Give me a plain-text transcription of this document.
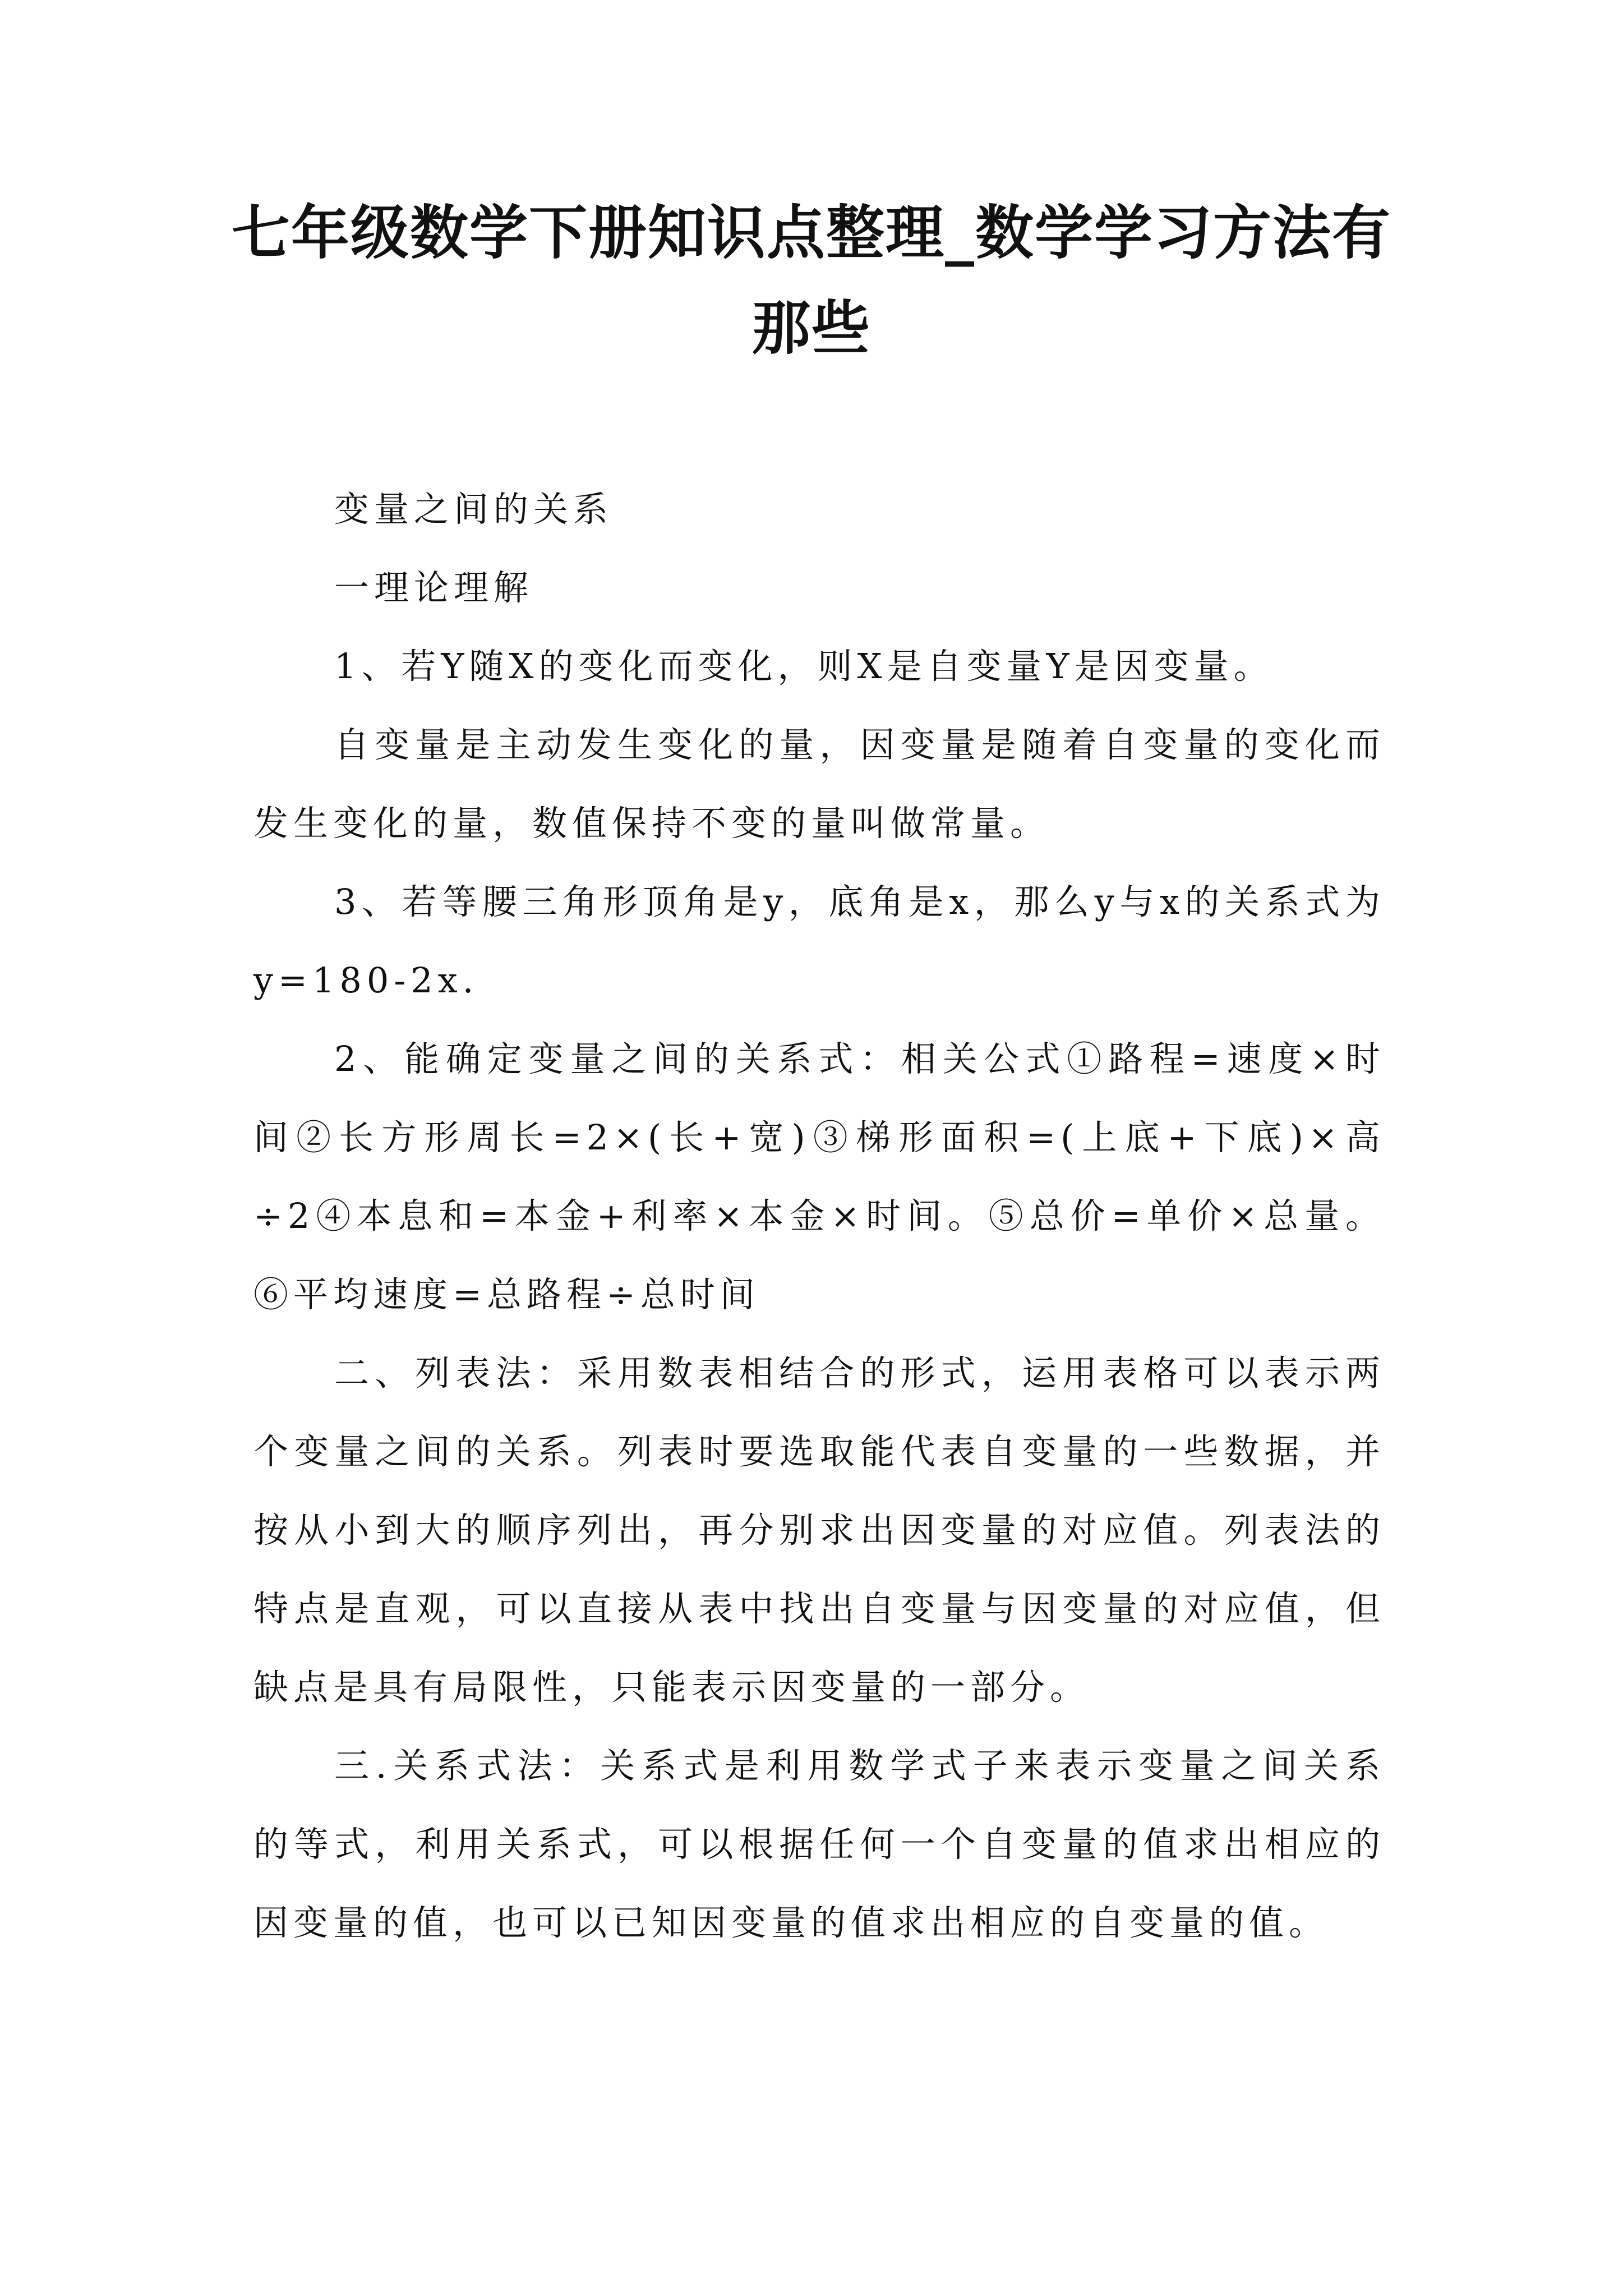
七年级数学下册知识点整理_数学学习方法有那些

变量之间的关系

一理论理解

1、若Y随X的变化而变化，则X是自变量Y是因变量。

自变量是主动发生变化的量，因变量是随着自变量的变化而发生变化的量，数值保持不变的量叫做常量。

3、若等腰三角形顶角是y，底角是x，那么y与x的关系式为y=180-2x.

2、能确定变量之间的关系式：相关公式①路程=速度×时间②长方形周长=2×(长+宽)③梯形面积=(上底+下底)×高÷2④本息和=本金+利率×本金×时间。⑤总价=单价×总量。⑥平均速度=总路程÷总时间

二、列表法：采用数表相结合的形式，运用表格可以表示两个变量之间的关系。列表时要选取能代表自变量的一些数据，并按从小到大的顺序列出，再分别求出因变量的对应值。列表法的特点是直观，可以直接从表中找出自变量与因变量的对应值，但缺点是具有局限性，只能表示因变量的一部分。

三.关系式法：关系式是利用数学式子来表示变量之间关系的等式，利用关系式，可以根据任何一个自变量的值求出相应的因变量的值，也可以已知因变量的值求出相应的自变量的值。
